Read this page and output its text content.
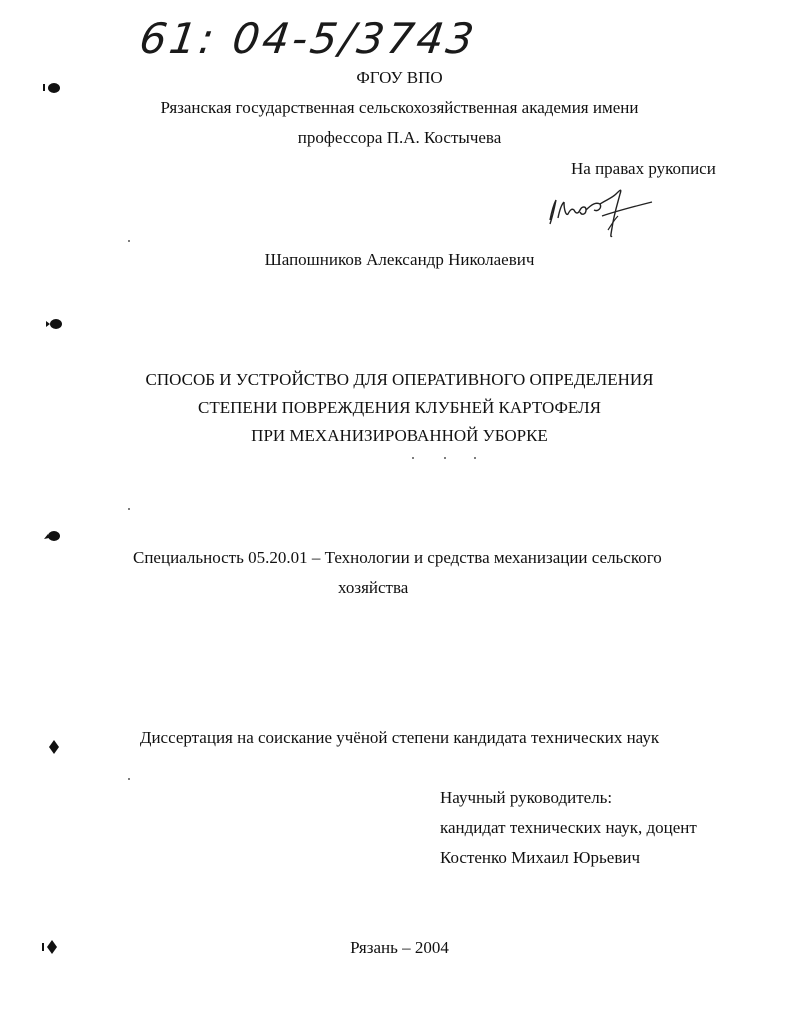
61: 04-5/3743
ФГОУ ВПО
Рязанская государственная сельскохозяйственная академия имени
профессора П.А. Костычева
На правах рукописи
Шапошников Александр Николаевич
СПОСОБ И УСТРОЙСТВО ДЛЯ ОПЕРАТИВНОГО ОПРЕДЕЛЕНИЯ
СТЕПЕНИ ПОВРЕЖДЕНИЯ КЛУБНЕЙ КАРТОФЕЛЯ
ПРИ МЕХАНИЗИРОВАННОЙ УБОРКЕ
Специальность 05.20.01 – Технологии и средства механизации сельского
хозяйства
Диссертация на соискание учёной степени кандидата технических наук
Научный руководитель:
кандидат технических наук, доцент
Костенко Михаил Юрьевич
Рязань – 2004
